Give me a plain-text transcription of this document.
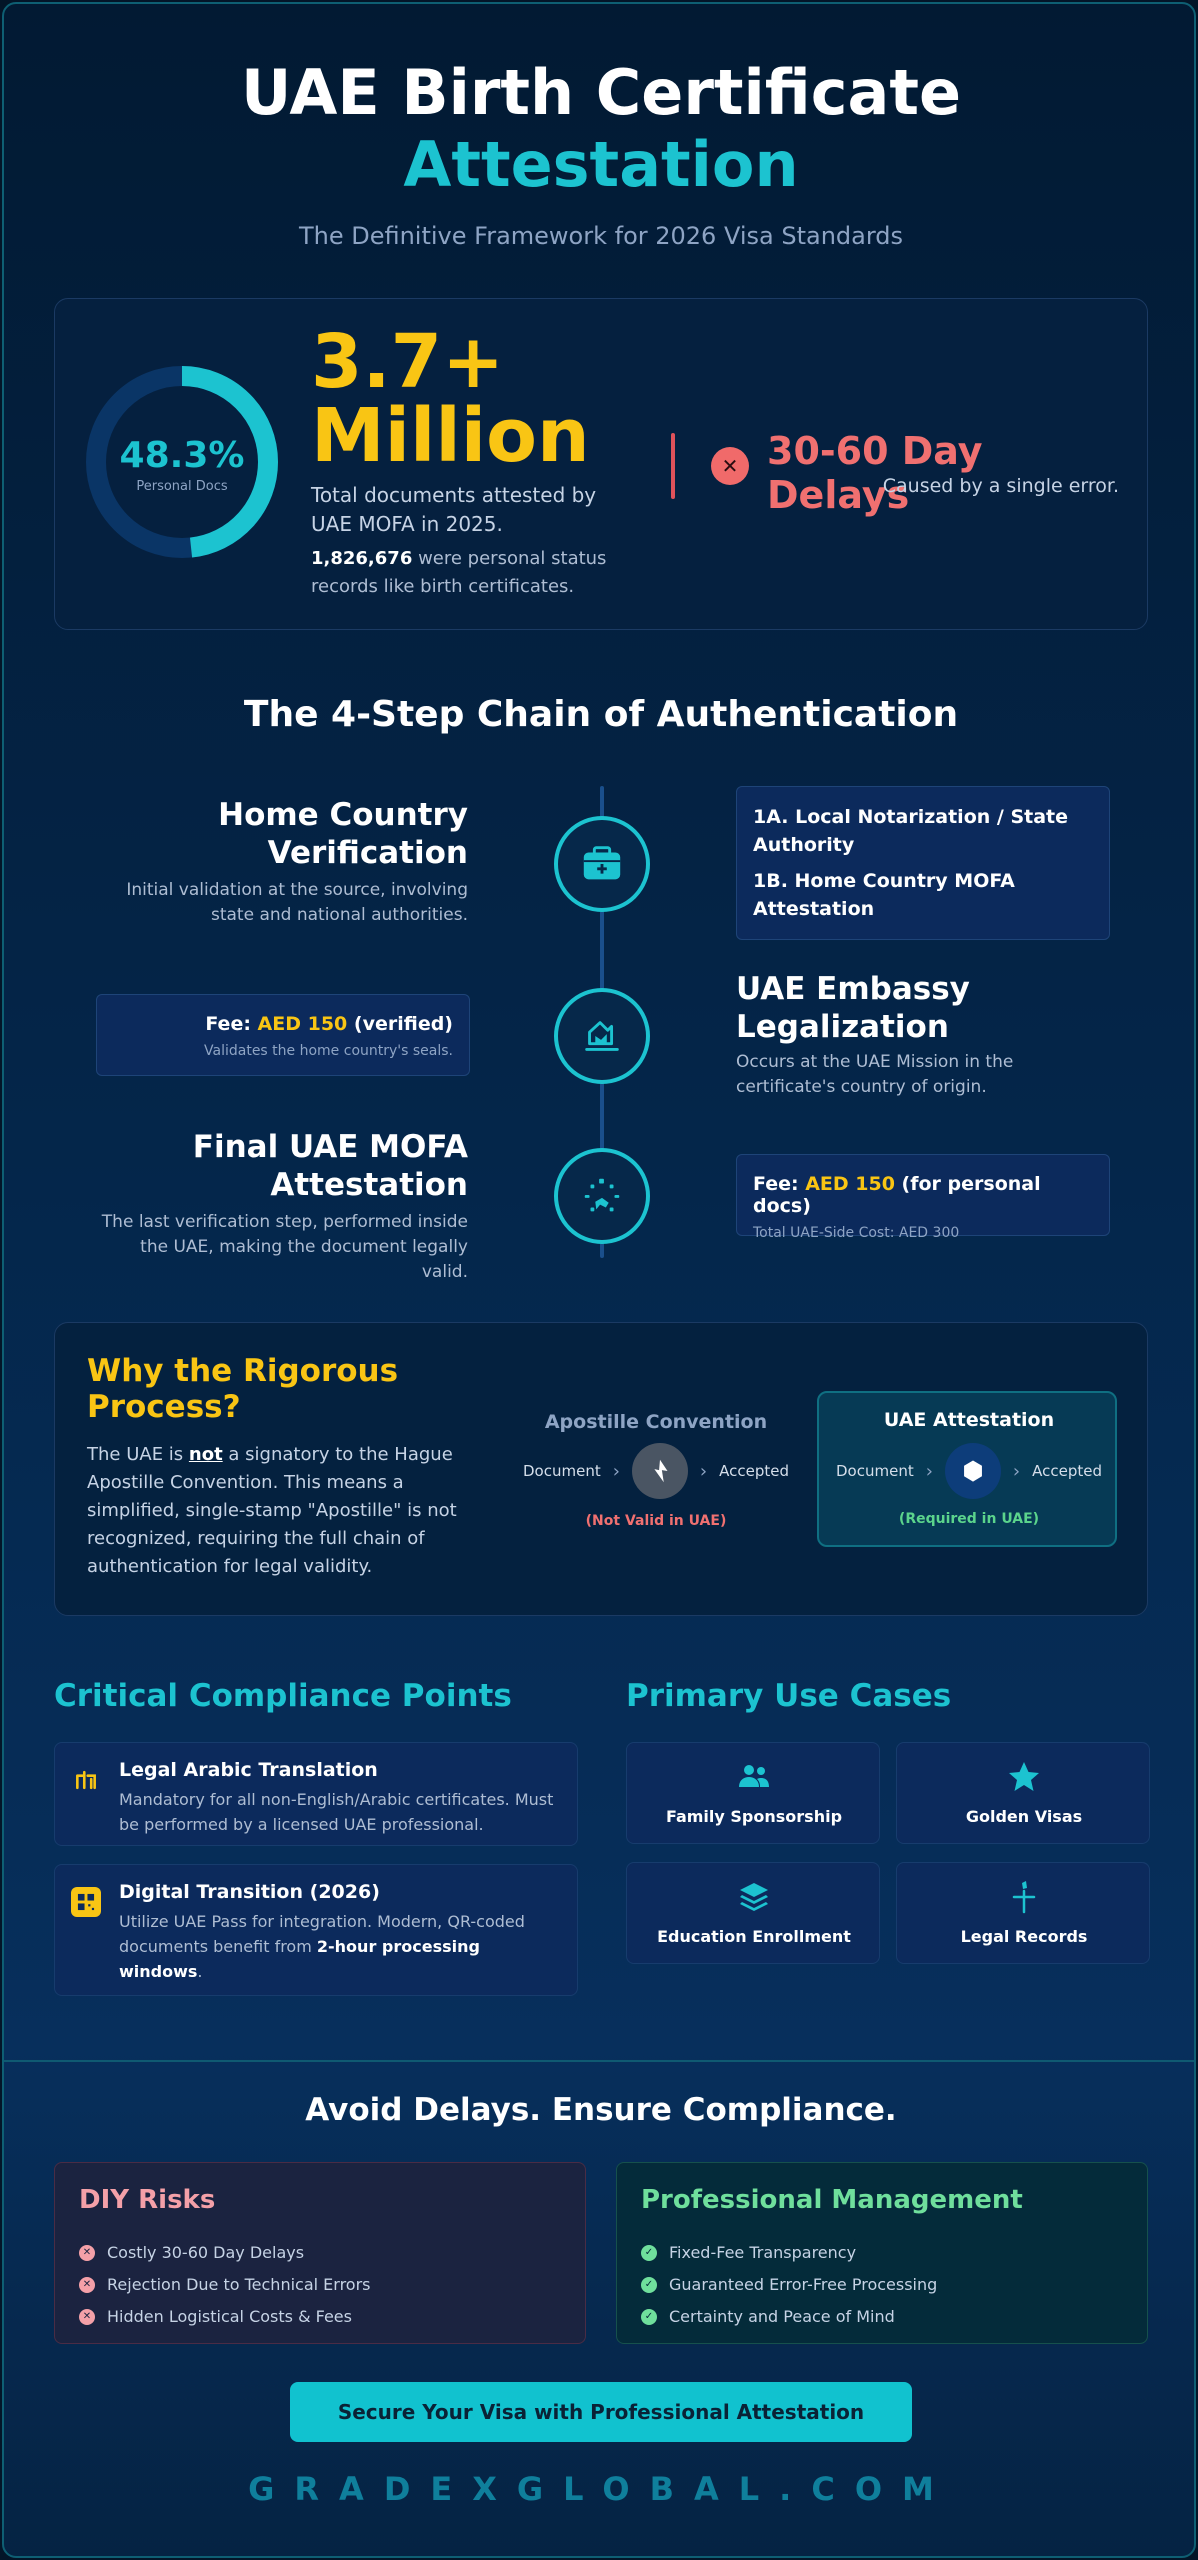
UAE Birth Certificate
Attestation
The Definitive Framework for 2026 Visa Standards
48.3%
Personal Docs
3.7+
Million
Total documents attested by UAE MOFA in 2025.
1,826,676 were personal status records like birth certificates.
✕ 30-60 Day Delays
Caused by a single error.
The 4-Step Chain of Authentication
Home Country
Verification
Initial validation at the source, involving state and national authorities.
1A. Local Notarization / State Authority
1B. Home Country MOFA Attestation
Fee: AED 150 (verified)
Validates the home country's seals.
UAE Embassy
Legalization
Occurs at the UAE Mission in the certificate's country of origin.
Final UAE MOFA
Attestation
The last verification step, performed inside the UAE, making the document legally valid.
Fee: AED 150 (for personal docs)
Total UAE-Side Cost: AED 300
Why the Rigorous Process?
The UAE is not a signatory to the Hague Apostille Convention. This means a simplified, single-stamp "Apostille" is not recognized, requiring the full chain of authentication for legal validity.
Apostille Convention
Document ›	› Accepted
(Not Valid in UAE)
UAE Attestation
Document ›	› Accepted
(Required in UAE)
Critical Compliance Points
Legal Arabic Translation
Mandatory for all non-English/Arabic certificates. Must be performed by a licensed UAE professional.
Digital Transition (2026)
Utilize UAE Pass for integration. Modern, QR-coded documents benefit from 2-hour processing windows.
Primary Use Cases
Family Sponsorship	Golden Visas
Education Enrollment	Legal Records
Avoid Delays. Ensure Compliance.
DIY Risks
✕ Costly 30-60 Day Delays
✕ Rejection Due to Technical Errors
✕ Hidden Logistical Costs & Fees
Professional Management
✓ Fixed-Fee Transparency
✓ Guaranteed Error-Free Processing
✓ Certainty and Peace of Mind
Secure Your Visa with Professional Attestation
GRADEXGLOBAL.COM
